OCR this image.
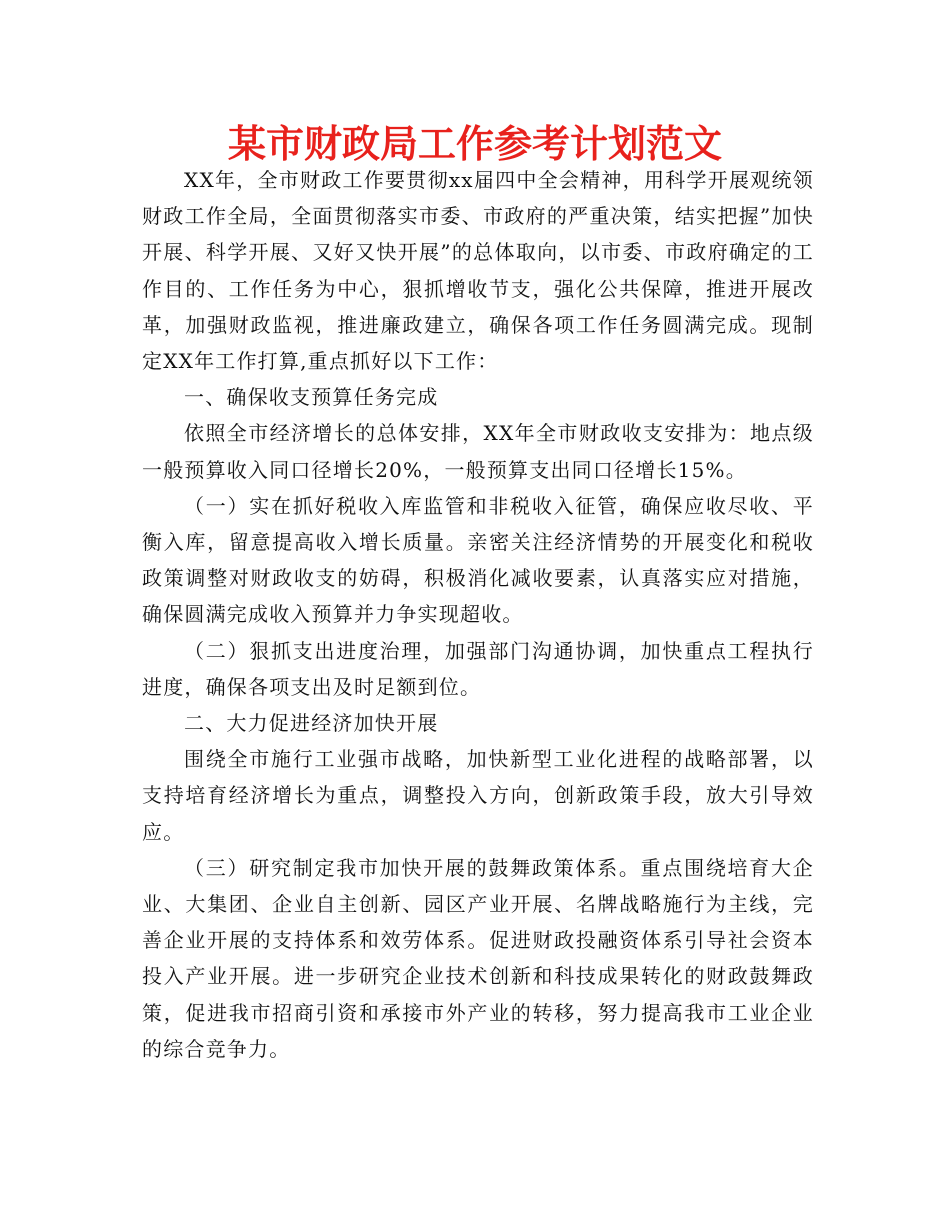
某市财政局工作参考计划范文

XX年，全市财政工作要贯彻xx届四中全会精神，用科学开展观统领财政工作全局，全面贯彻落实市委、市政府的严重决策，结实把握”加快开展、科学开展、又好又快开展”的总体取向，以市委、市政府确定的工作目的、工作任务为中心，狠抓增收节支，强化公共保障，推进开展改革，加强财政监视，推进廉政建立，确保各项工作任务圆满完成。现制定XX年工作打算,重点抓好以下工作：

一、确保收支预算任务完成

依照全市经济增长的总体安排，XX年全市财政收支安排为：地点级一般预算收入同口径增长20%，一般预算支出同口径增长15%。

（一）实在抓好税收入库监管和非税收入征管，确保应收尽收、平衡入库，留意提高收入增长质量。亲密关注经济情势的开展变化和税收政策调整对财政收支的妨碍，积极消化减收要素，认真落实应对措施，确保圆满完成收入预算并力争实现超收。

（二）狠抓支出进度治理，加强部门沟通协调，加快重点工程执行进度，确保各项支出及时足额到位。

二、大力促进经济加快开展

围绕全市施行工业强市战略，加快新型工业化进程的战略部署，以支持培育经济增长为重点，调整投入方向，创新政策手段，放大引导效应。

（三）研究制定我市加快开展的鼓舞政策体系。重点围绕培育大企业、大集团、企业自主创新、园区产业开展、名牌战略施行为主线，完善企业开展的支持体系和效劳体系。促进财政投融资体系引导社会资本投入产业开展。进一步研究企业技术创新和科技成果转化的财政鼓舞政策，促进我市招商引资和承接市外产业的转移，努力提高我市工业企业的综合竞争力。
